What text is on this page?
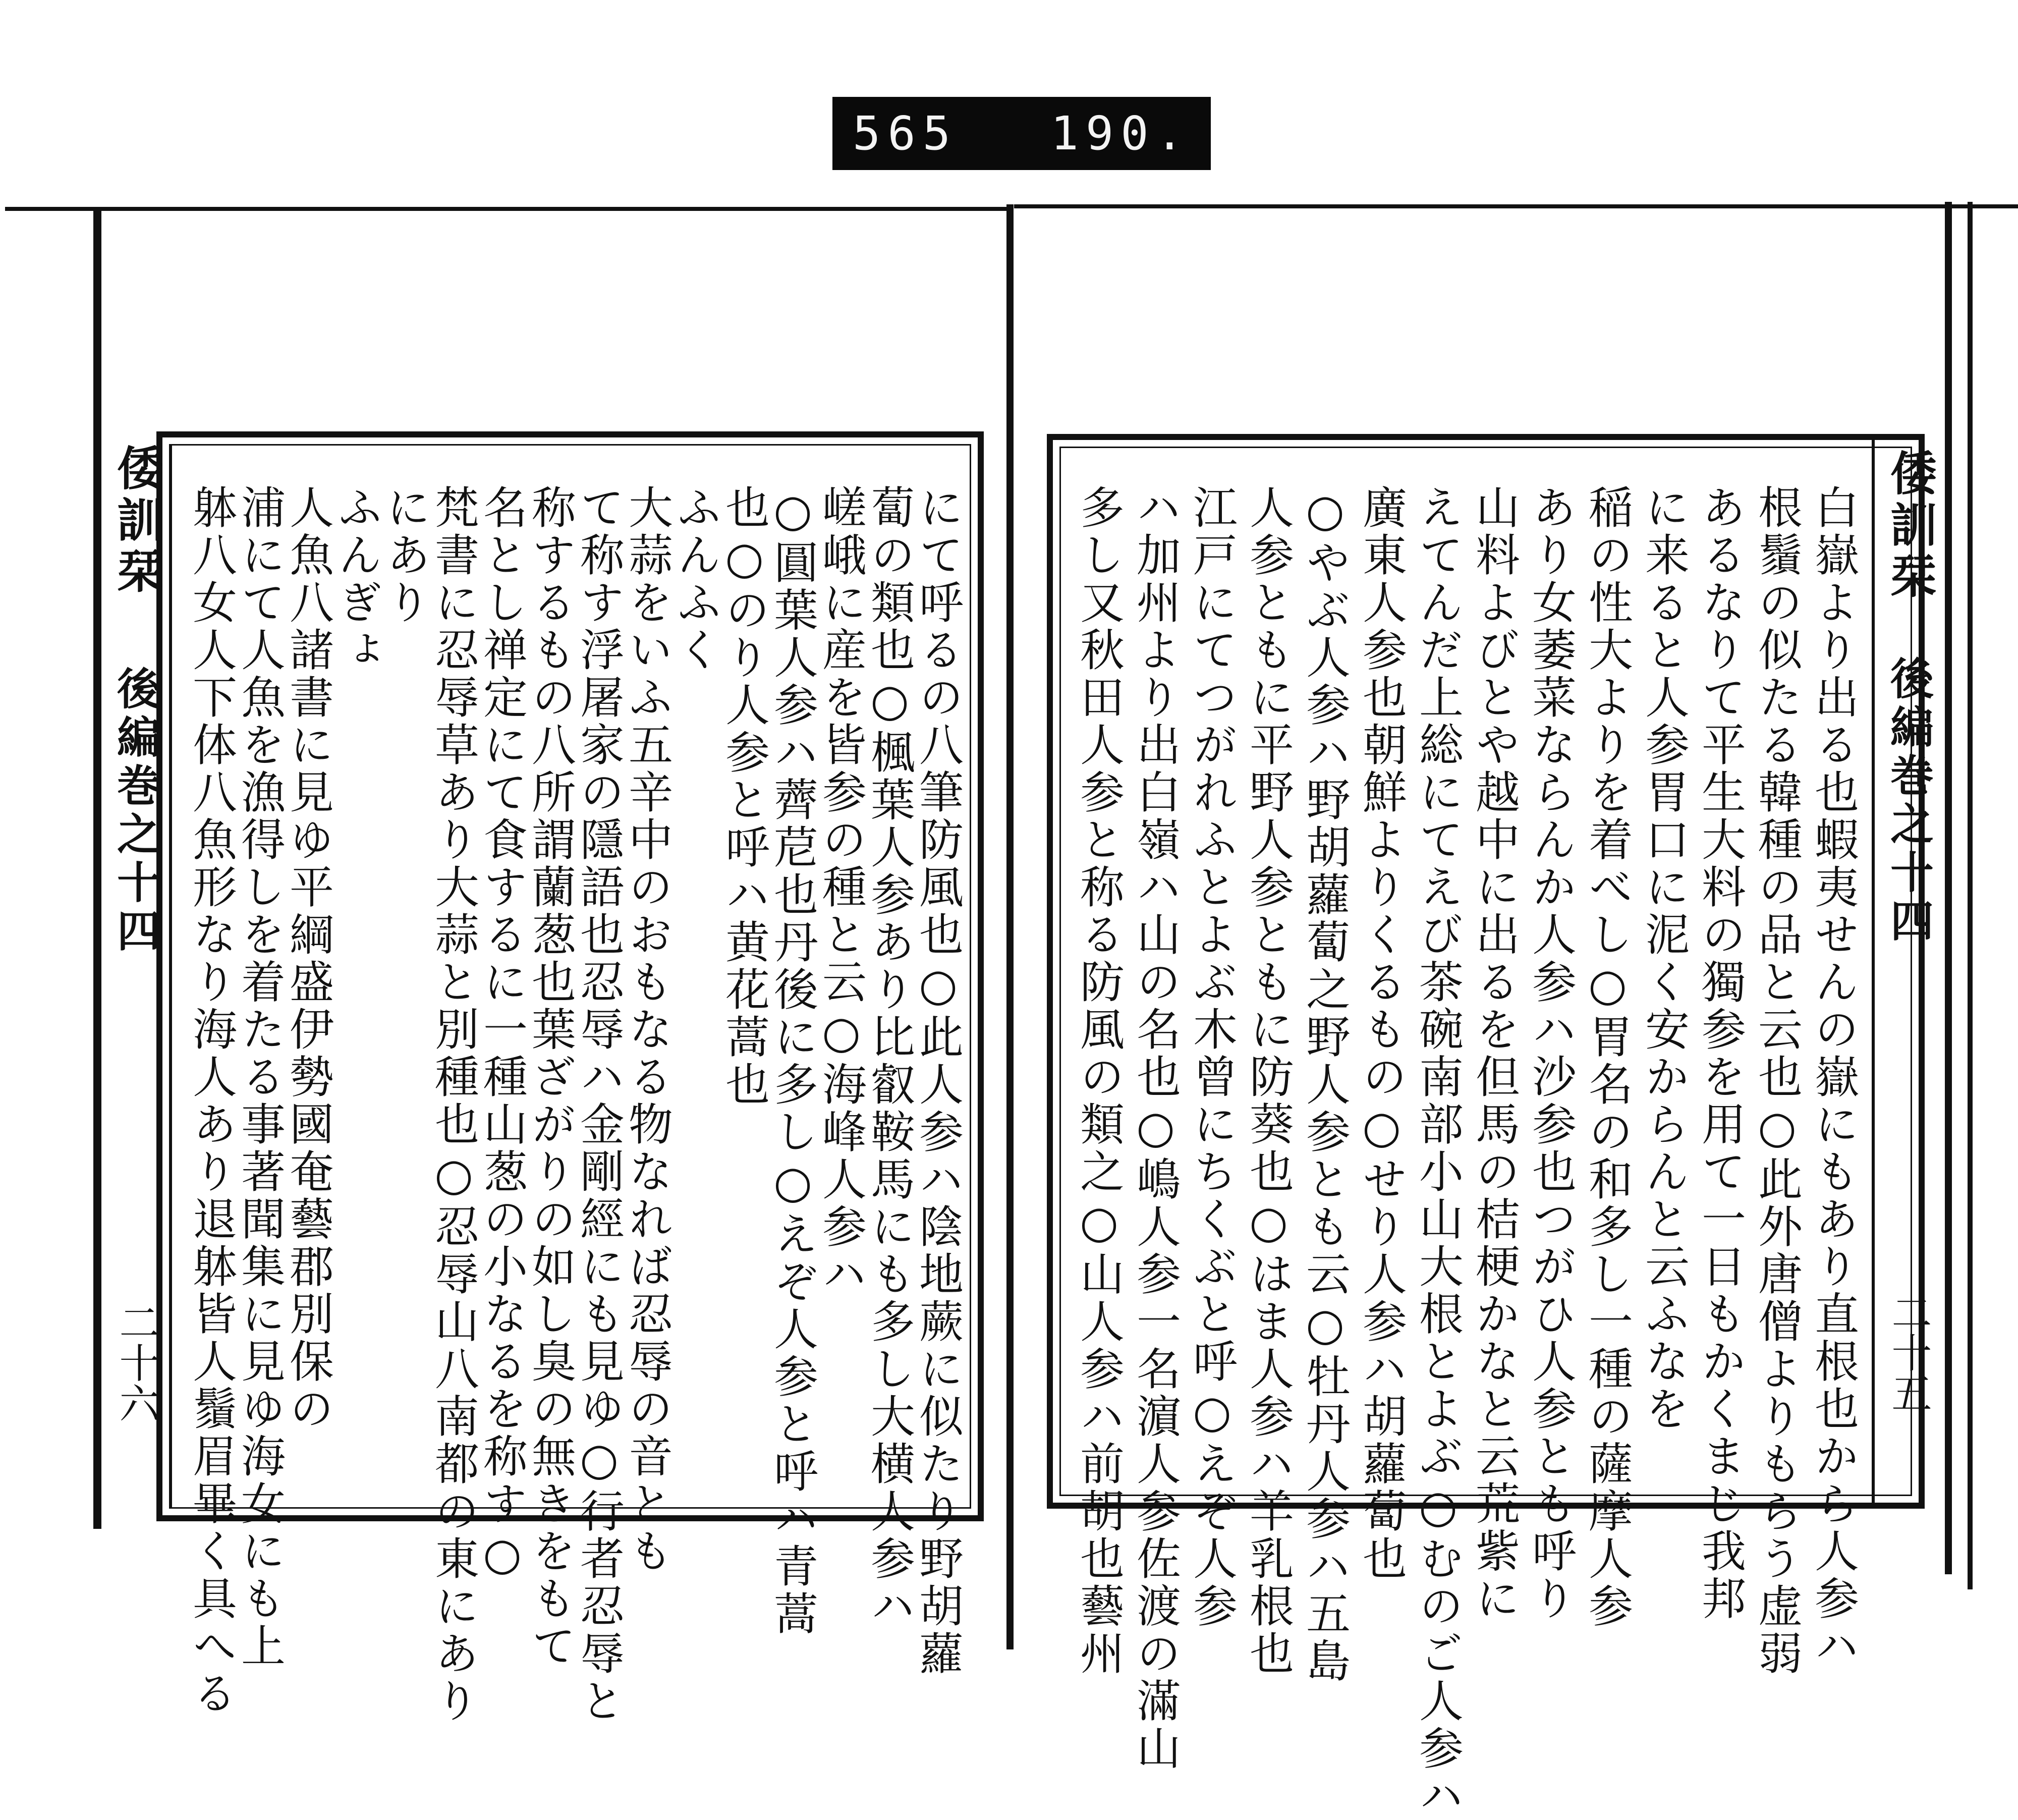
565 190.
倭訓栞
後編巻之十四
二十五
白嶽より出る也蝦夷せんの嶽にもあり直根也から人参ハ
根鬚の似たる韓種の品と云也○此外唐僧よりもらう虚弱
あるなりて平生大料の獨参を用て一日もかくまじ我邦
に来ると人参胃口に泥く安からんと云ふなを
稲の性大よりを着べし○胃名の和多し一種の薩摩人参
あり女萎菜ならんか人参ハ沙参也つがひ人参とも呼り
山料よびとや越中に出るを但馬の桔梗かなと云荒紫に
えてんだ上総にてえび茶碗南部小山大根とよぶ○むのご人参ハ
廣東人参也朝鮮よりくるもの○せり人参ハ胡蘿蔔也
○やぶ人参ハ野胡蘿蔔之野人参とも云○牡丹人参ハ五島
人参ともに平野人参ともに防葵也○はま人参ハ羊乳根也
江戸にてつがれふとよぶ木曾にちくぶと呼○えぞ人参
ハ加州より出白嶺ハ山の名也○嶋人参一名濵人参佐渡の滿山
多し又秋田人参と称る防風の類之○山人参ハ前胡也藝州
倭訓栞
後編巻之十四
二十六	にて呼るの八筆防風也○此人参ハ陰地蕨に似たり野胡蘿
蔔の類也○楓葉人参あり比叡鞍馬にも多し大横人参ハ
嵯峨に産を皆参の種と云○海峰人参ハ
○圓葉人参ハ薺苨也丹後に多し○えぞ人参と呼ハ青蒿
也○のり人参と呼ハ黄花蒿也
ふんふく
大蒜をいふ五辛中のおもなる物なれば忍辱の音とも
て称す浮屠家の隱語也忍辱ハ金剛經にも見ゆ○行者忍辱と
称するもの八所謂蘭葱也葉ざがりの如し臭の無きをもて
名とし禅定にて食するに一種山葱の小なるを称す○
梵書に忍辱草あり大蒜と別種也○忍辱山八南都の東にあり
にあり
ふんぎょ
人魚八諸書に見ゆ平綱盛伊勢國奄藝郡別保の
浦にて人魚を漁得しを着たる事著聞集に見ゆ海女にも上
躰八女人下体八魚形なり海人あり退躰皆人鬚眉畢く具へる
